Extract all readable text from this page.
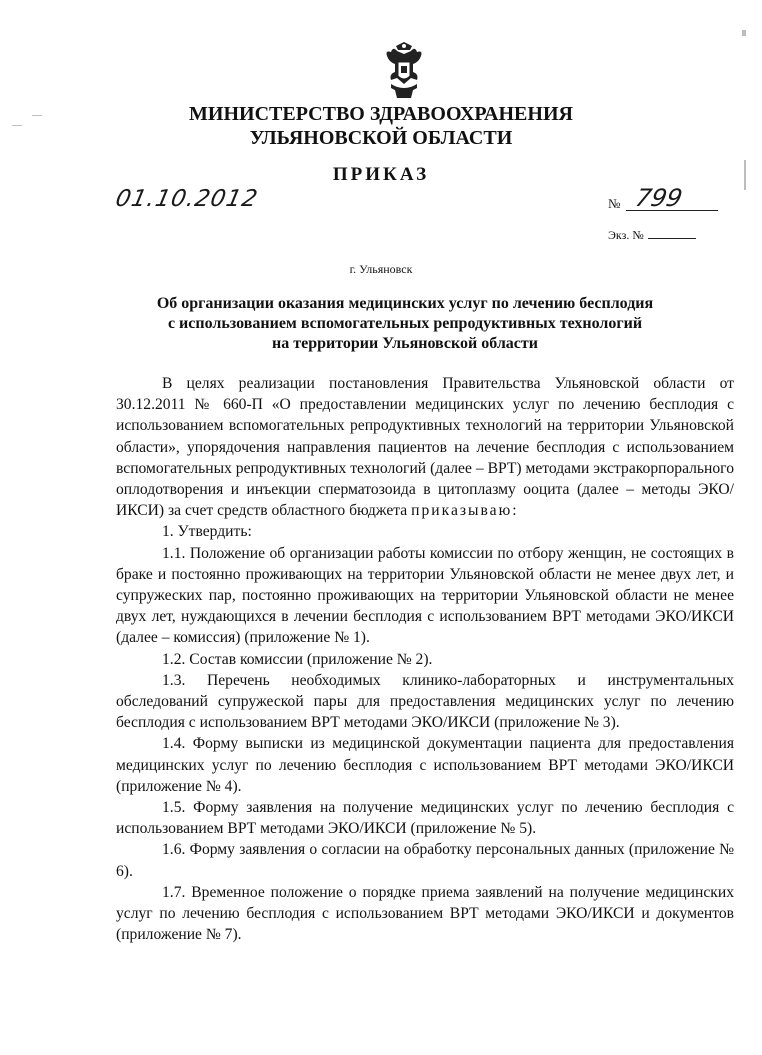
—
—
МИНИСТЕРСТВО ЗДРАВООХРАНЕНИЯ
УЛЬЯНОВСКОЙ ОБЛАСТИ
ПРИКАЗ
01.10.2012	№ 799
Экз. №
г. Ульяновск
Об организации оказания медицинских услуг по лечению бесплодия
с использованием вспомогательных репродуктивных технологий
на территории Ульяновской области

В целях реализации постановления Правительства Ульяновской области от 30.12.2011 № 660-П «О предоставлении медицинских услуг по лечению бесплодия с использованием вспомогательных репродуктивных технологий на территории Ульяновской области», упорядочения направления пациентов на лечение бесплодия с использованием вспомогательных репродуктивных технологий (далее – ВРТ) методами экстракорпорального оплодотворения и инъекции сперматозоида в цитоплазму ооцита (далее – методы ЭКО/ИКСИ) за счет средств областного бюджета приказываю:

1. Утвердить:

1.1. Положение об организации работы комиссии по отбору женщин, не состоящих в браке и постоянно проживающих на территории Ульяновской области не менее двух лет, и супружеских пар, постоянно проживающих на территории Ульяновской области не менее двух лет, нуждающихся в лечении бесплодия с использованием ВРТ методами ЭКО/ИКСИ (далее – комиссия) (приложение № 1).

1.2. Состав комиссии (приложение № 2).

1.3. Перечень необходимых клинико-лабораторных и инструментальных обследований супружеской пары для предоставления медицинских услуг по лечению бесплодия с использованием ВРТ методами ЭКО/ИКСИ (приложение № 3).

1.4. Форму выписки из медицинской документации пациента для предоставления медицинских услуг по лечению бесплодия с использованием ВРТ методами ЭКО/ИКСИ (приложение № 4).

1.5. Форму заявления на получение медицинских услуг по лечению бесплодия с использованием ВРТ методами ЭКО/ИКСИ (приложение № 5).

1.6. Форму заявления о согласии на обработку персональных данных (приложение № 6).

1.7. Временное положение о порядке приема заявлений на получение медицинских услуг по лечению бесплодия с использованием ВРТ методами ЭКО/ИКСИ и документов (приложение № 7).
